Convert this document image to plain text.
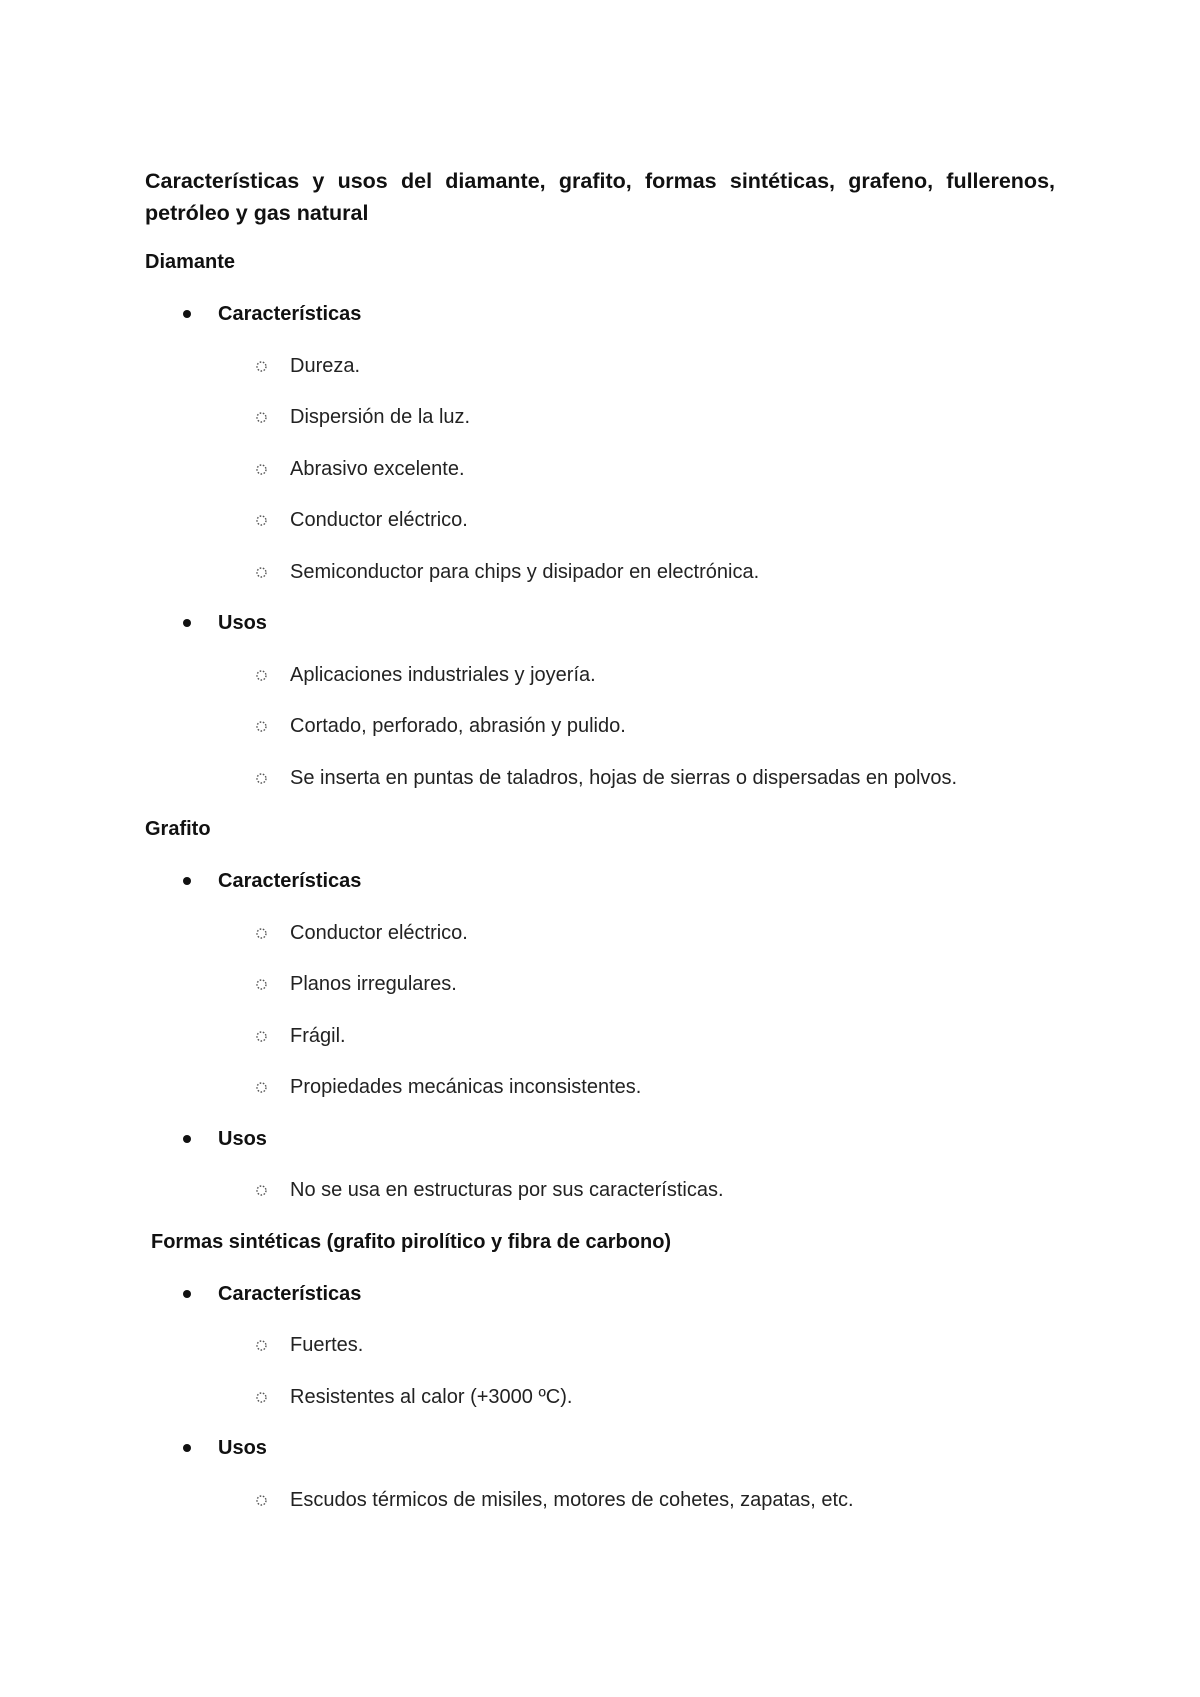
Características y usos del diamante, grafito, formas sintéticas, grafeno, fullerenos, petróleo y gas natural
Diamante
Características
Dureza.
Dispersión de la luz.
Abrasivo excelente.
Conductor eléctrico.
Semiconductor para chips y disipador en electrónica.
Usos
Aplicaciones industriales y joyería.
Cortado, perforado, abrasión y pulido.
Se inserta en puntas de taladros, hojas de sierras o dispersadas en polvos.
Grafito
Características
Conductor eléctrico.
Planos irregulares.
Frágil.
Propiedades mecánicas inconsistentes.
Usos
No se usa en estructuras por sus características.
Formas sintéticas (grafito pirolítico y fibra de carbono)
Características
Fuertes.
Resistentes al calor (+3000 ºC).
Usos
Escudos térmicos de misiles, motores de cohetes, zapatas, etc.
